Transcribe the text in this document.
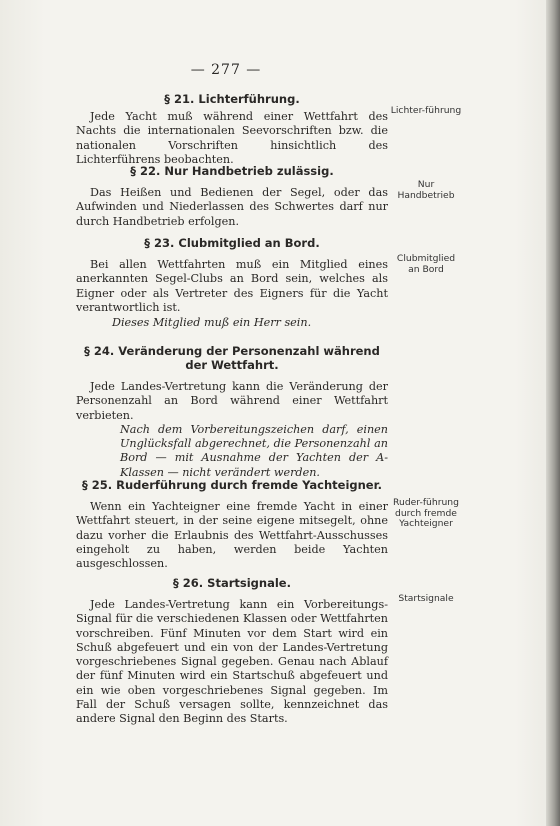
— 277 —
§ 21. Lichterführung.

Jede Yacht muß während einer Wettfahrt des Nachts die internationalen Seevorschriften bzw. die nationalen Vorschriften hinsichtlich des Lichterführens beobachten.

Lichter-führung
§ 22. Nur Handbetrieb zulässig.

Das Heißen und Bedienen der Segel, oder das Aufwinden und Niederlassen des Schwertes darf nur durch Handbetrieb erfolgen.

Nur Handbetrieb
§ 23. Clubmitglied an Bord.

Bei allen Wettfahrten muß ein Mitglied eines anerkannten Segel-Clubs an Bord sein, welches als Eigner oder als Vertreter des Eigners für die Yacht verantwortlich ist.

Dieses Mitglied muß ein Herr sein.

Clubmitglied an Bord
§ 24. Veränderung der Personenzahl während der Wettfahrt.

Jede Landes-Vertretung kann die Veränderung der Personenzahl an Bord während einer Wettfahrt verbieten.

Nach dem Vorbereitungszeichen darf, einen Unglücksfall abgerechnet, die Personenzahl an Bord — mit Ausnahme der Yachten der A-Klassen — nicht verändert werden.

§ 25. Ruderführung durch fremde Yachteigner.

Wenn ein Yachteigner eine fremde Yacht in einer Wettfahrt steuert, in der seine eigene mitsegelt, ohne dazu vorher die Erlaubnis des Wettfahrt-Ausschusses eingeholt zu haben, werden beide Yachten ausgeschlossen.

Ruder-führung durch fremde Yachteigner
§ 26. Startsignale.

Jede Landes-Vertretung kann ein Vorbereitungs-Signal für die verschiedenen Klassen oder Wettfahrten vorschreiben. Fünf Minuten vor dem Start wird ein Schuß abgefeuert und ein von der Landes-Vertretung vorgeschriebenes Signal gegeben. Genau nach Ablauf der fünf Minuten wird ein Startschuß abgefeuert und ein wie oben vorgeschriebenes Signal gegeben. Im Fall der Schuß versagen sollte, kennzeichnet das andere Signal den Beginn des Starts.

Startsignale
